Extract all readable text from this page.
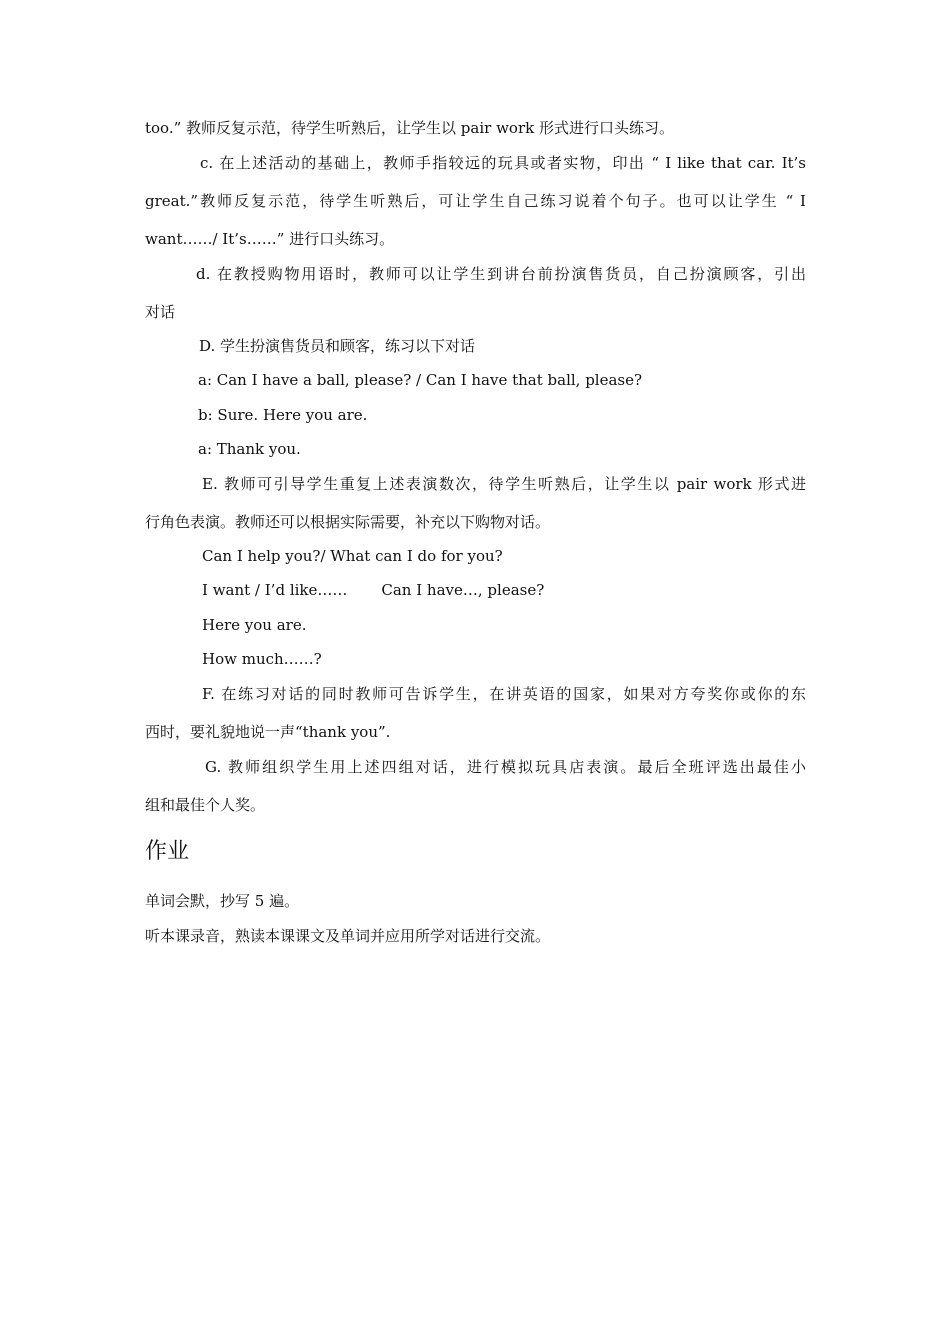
too.” 教师反复示范，待学生听熟后，让学生以 pair work 形式进行口头练习。
c. 在上述活动的基础上，教师手指较远的玩具或者实物，印出 “ I like that car. It’s
great.”教师反复示范，待学生听熟后，可让学生自己练习说着个句子。也可以让学生 “ I
want……/ It’s……” 进行口头练习。
d. 在教授购物用语时，教师可以让学生到讲台前扮演售货员，自己扮演顾客，引出
对话
D. 学生扮演售货员和顾客，练习以下对话
a: Can I have a ball, please? / Can I have that ball, please?
b: Sure. Here you are.
a: Thank you.
E. 教师可引导学生重复上述表演数次，待学生听熟后，让学生以 pair work 形式进
行角色表演。教师还可以根据实际需要，补充以下购物对话。
Can I help you?/ What can I do for you?
I want / I’d like…… Can I have…, please?
Here you are.
How much……?
F. 在练习对话的同时教师可告诉学生，在讲英语的国家，如果对方夸奖你或你的东
西时，要礼貌地说一声“thank you”.
G. 教师组织学生用上述四组对话，进行模拟玩具店表演。最后全班评选出最佳小
组和最佳个人奖。
作业
单词会默，抄写 5 遍。
听本课录音，熟读本课课文及单词并应用所学对话进行交流。
